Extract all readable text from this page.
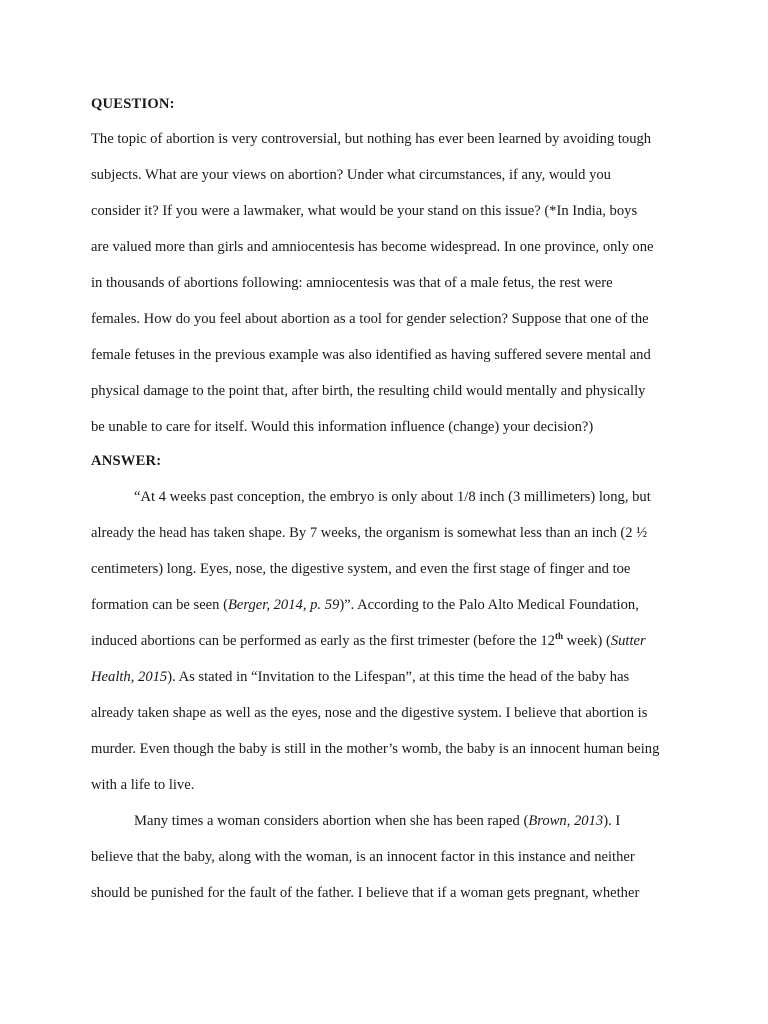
QUESTION:
The topic of abortion is very controversial, but nothing has ever been learned by avoiding tough
subjects. What are your views on abortion? Under what circumstances, if any, would you
consider it? If you were a lawmaker, what would be your stand on this issue? (*In India, boys
are valued more than girls and amniocentesis has become widespread. In one province, only one
in thousands of abortions following: amniocentesis was that of a male fetus, the rest were
females. How do you feel about abortion as a tool for gender selection? Suppose that one of the
female fetuses in the previous example was also identified as having suffered severe mental and
physical damage to the point that, after birth, the resulting child would mentally and physically
be unable to care for itself. Would this information influence (change) your decision?)
ANSWER:
“At 4 weeks past conception, the embryo is only about 1/8 inch (3 millimeters) long, but
already the head has taken shape. By 7 weeks, the organism is somewhat less than an inch (2 ½
centimeters) long. Eyes, nose, the digestive system, and even the first stage of finger and toe
formation can be seen (Berger, 2014, p. 59)”. According to the Palo Alto Medical Foundation,
induced abortions can be performed as early as the first trimester (before the 12th week) (Sutter
Health, 2015). As stated in “Invitation to the Lifespan”, at this time the head of the baby has
already taken shape as well as the eyes, nose and the digestive system. I believe that abortion is
murder. Even though the baby is still in the mother’s womb, the baby is an innocent human being
with a life to live.
Many times a woman considers abortion when she has been raped (Brown, 2013). I
believe that the baby, along with the woman, is an innocent factor in this instance and neither
should be punished for the fault of the father. I believe that if a woman gets pregnant, whether
